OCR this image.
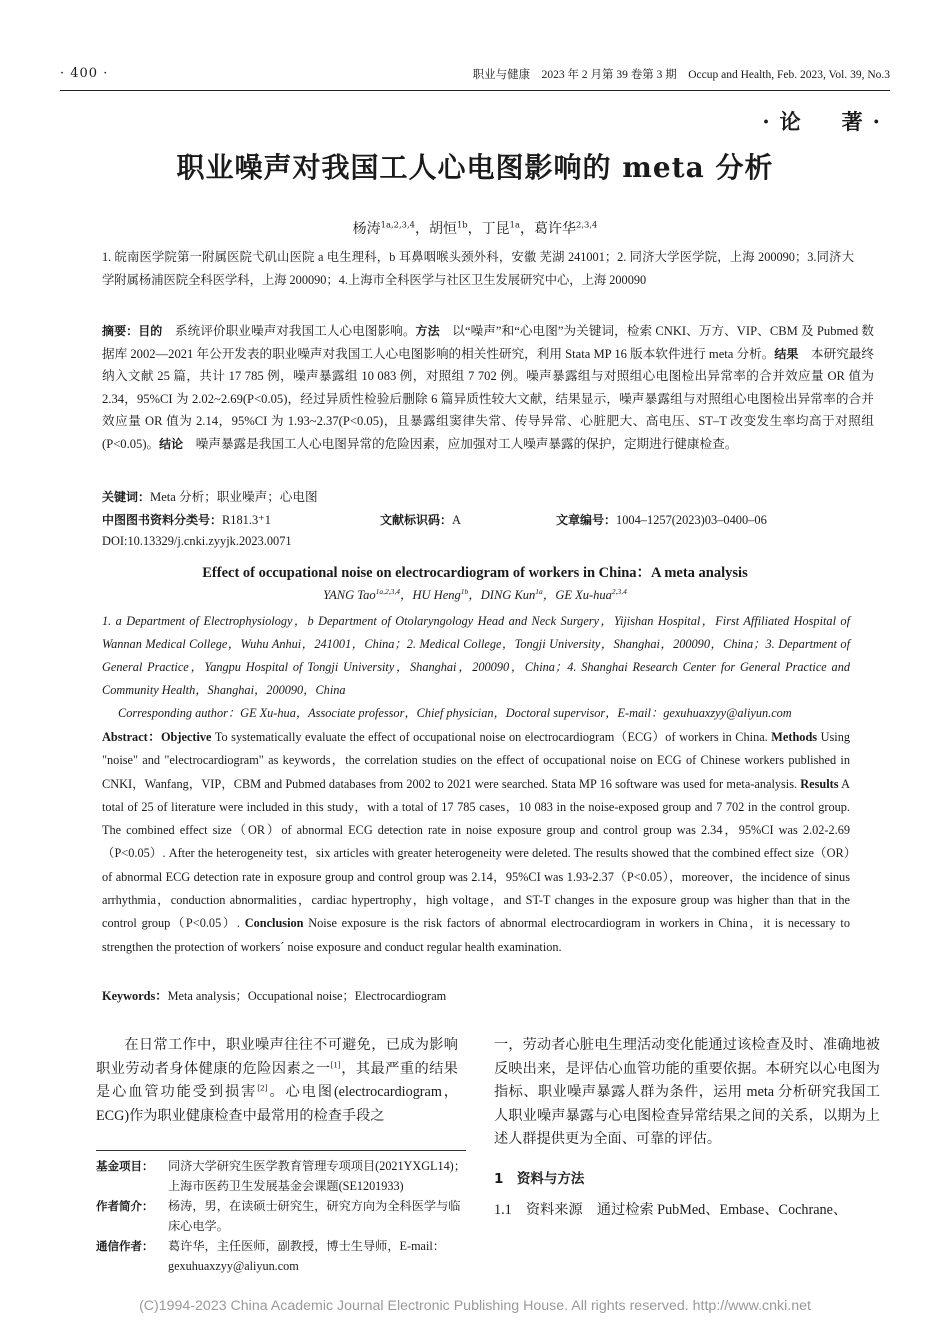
· 400 ·	职业与健康　2023 年 2 月第 39 卷第 3 期　Occup and Health, Feb. 2023, Vol. 39, No.3
·论　著·
职业噪声对我国工人心电图影响的 meta 分析
杨涛$^{1a,2,3,4}$，胡恒$^{1b}$，丁昆$^{1a}$，葛许华$^{2,3,4}$
1. 皖南医学院第一附属医院弋矶山医院 a 电生理科，b 耳鼻咽喉头颈外科，安徽 芜湖 241001；2. 同济大学医学院，上海 200090；3.同济大学附属杨浦医院全科医学科，上海 200090；4.上海市全科医学与社区卫生发展研究中心，上海 200090
摘要：目的　系统评价职业噪声对我国工人心电图影响。方法　以“噪声”和“心电图”为关键词，检索 CNKI、万方、VIP、CBM 及 Pubmed 数据库 2002—2021 年公开发表的职业噪声对我国工人心电图影响的相关性研究，利用 Stata MP 16 版本软件进行 meta 分析。结果　本研究最终纳入文献 25 篇，共计 17 785 例，噪声暴露组 10 083 例，对照组 7 702 例。噪声暴露组与对照组心电图检出异常率的合并效应量 OR 值为 2.34，95%CI 为 2.02~2.69(P<0.05)，经过异质性检验后删除 6 篇异质性较大文献，结果显示，噪声暴露组与对照组心电图检出异常率的合并效应量 OR 值为 2.14，95%CI 为 1.93~2.37(P<0.05)，且暴露组窦律失常、传导异常、心脏肥大、高电压、ST–T 改变发生率均高于对照组(P<0.05)。结论　噪声暴露是我国工人心电图异常的危险因素，应加强对工人噪声暴露的保护，定期进行健康检查。
关键词：Meta 分析；职业噪声；心电图
中图图书资料分类号：R181.3⁺1	文献标识码：A	文章编号：1004–1257(2023)03–0400–06
DOI:10.13329/j.cnki.zyyjk.2023.0071
Effect of occupational noise on electrocardiogram of workers in China：A meta analysis
YANG Tao$^{1a,2,3,4}$，HU Heng$^{1b}$，DING Kun$^{1a}$，GE Xu-hua$^{2,3,4}$
1. a Department of Electrophysiology，b Department of Otolaryngology Head and Neck Surgery，Yijishan Hospital，First Affiliated Hospital of Wannan Medical College，Wuhu Anhui，241001，China；2. Medical College，Tongji University，Shanghai，200090，China；3. Department of General Practice，Yangpu Hospital of Tongji University，Shanghai，200090，China；4. Shanghai Research Center for General Practice and Community Health，Shanghai，200090，China
Corresponding author：GE Xu-hua，Associate professor，Chief physician，Doctoral supervisor，E-mail：gexuhuaxzyy@aliyun.com
Abstract：Objective To systematically evaluate the effect of occupational noise on electrocardiogram（ECG）of workers in China. Methods Using "noise" and "electrocardiogram" as keywords，the correlation studies on the effect of occupational noise on ECG of Chinese workers published in CNKI，Wanfang，VIP，CBM and Pubmed databases from 2002 to 2021 were searched. Stata MP 16 software was used for meta-analysis. Results A total of 25 of literature were included in this study，with a total of 17 785 cases，10 083 in the noise-exposed group and 7 702 in the control group. The combined effect size（OR）of abnormal ECG detection rate in noise exposure group and control group was 2.34，95%CI was 2.02-2.69（P<0.05）. After the heterogeneity test，six articles with greater heterogeneity were deleted. The results showed that the combined effect size（OR）of abnormal ECG detection rate in exposure group and control group was 2.14，95%CI was 1.93-2.37（P<0.05），moreover，the incidence of sinus arrhythmia，conduction abnormalities，cardiac hypertrophy，high voltage，and ST-T changes in the exposure group was higher than that in the control group（P<0.05）. Conclusion Noise exposure is the risk factors of abnormal electrocardiogram in workers in China，it is necessary to strengthen the protection of workers´ noise exposure and conduct regular health examination.
Keywords：Meta analysis；Occupational noise；Electrocardiogram

在日常工作中，职业噪声往往不可避免，已成为影响职业劳动者身体健康的危险因素之一[1]，其最严重的结果是心血管功能受到损害[2]。心电图(electrocardiogram，ECG)作为职业健康检查中最常用的检查手段之

基金项目：	同济大学研究生医学教育管理专项项目(2021YXGL14)；上海市医药卫生发展基金会课题(SE1201933)
作者简介：	杨涛，男，在读硕士研究生，研究方向为全科医学与临床心电学。
通信作者：	葛许华，主任医师，副教授，博士生导师，E-mail：gexuhuaxzyy@aliyun.com

一，劳动者心脏电生理活动变化能通过该检查及时、准确地被反映出来，是评估心血管功能的重要依据。本研究以心电图为指标、职业噪声暴露人群为条件，运用 meta 分析研究我国工人职业噪声暴露与心电图检查异常结果之间的关系，以期为上述人群提供更为全面、可靠的评估。

1　资料与方法

1.1　资料来源　通过检索 PubMed、Embase、Cochrane、

(C)1994-2023 China Academic Journal Electronic Publishing House. All rights reserved. http://www.cnki.net
